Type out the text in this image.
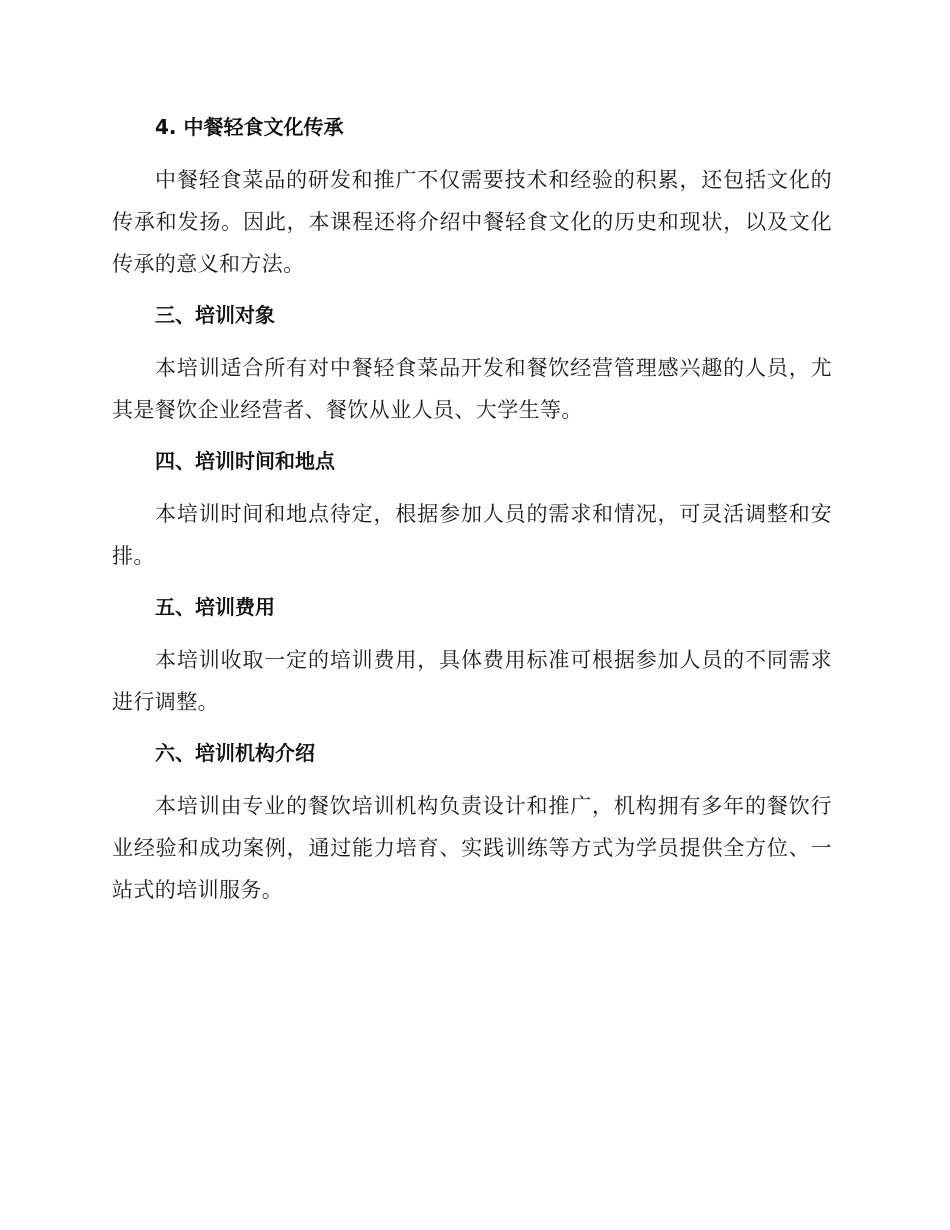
4. 中餐轻食文化传承

中餐轻食菜品的研发和推广不仅需要技术和经验的积累，还包括文化的传承和发扬。因此，本课程还将介绍中餐轻食文化的历史和现状，以及文化传承的意义和方法。

三、培训对象

本培训适合所有对中餐轻食菜品开发和餐饮经营管理感兴趣的人员，尤其是餐饮企业经营者、餐饮从业人员、大学生等。

四、培训时间和地点

本培训时间和地点待定，根据参加人员的需求和情况，可灵活调整和安排。

五、培训费用

本培训收取一定的培训费用，具体费用标准可根据参加人员的不同需求进行调整。

六、培训机构介绍

本培训由专业的餐饮培训机构负责设计和推广，机构拥有多年的餐饮行业经验和成功案例，通过能力培育、实践训练等方式为学员提供全方位、一站式的培训服务。
